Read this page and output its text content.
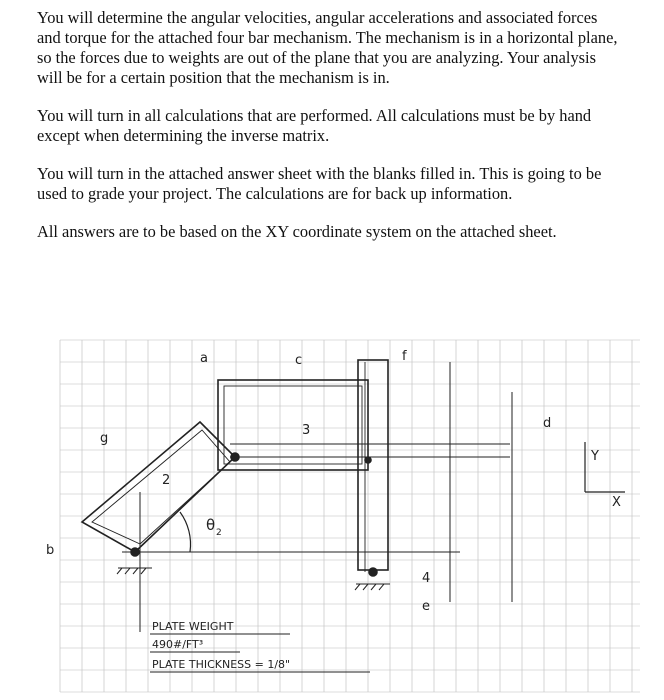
You will determine the angular velocities, angular accelerations and associated forces and torque for the attached four bar mechanism. The mechanism is in a horizontal plane, so the forces due to weights are out of the plane that you are analyzing. Your analysis will be for a certain position that the mechanism is in.

You will turn in all calculations that are performed. All calculations must be by hand except when determining the inverse matrix.

You will turn in the attached answer sheet with the blanks filled in. This is going to be used to grade your project. The calculations are for back up information.

All answers are to be based on the XY coordinate system on the attached sheet.

a	c	f
d
g
b
e
2
3
4
θ 2
Y
X
PLATE WEIGHT
490#/FT³
PLATE THICKNESS = 1/8"
